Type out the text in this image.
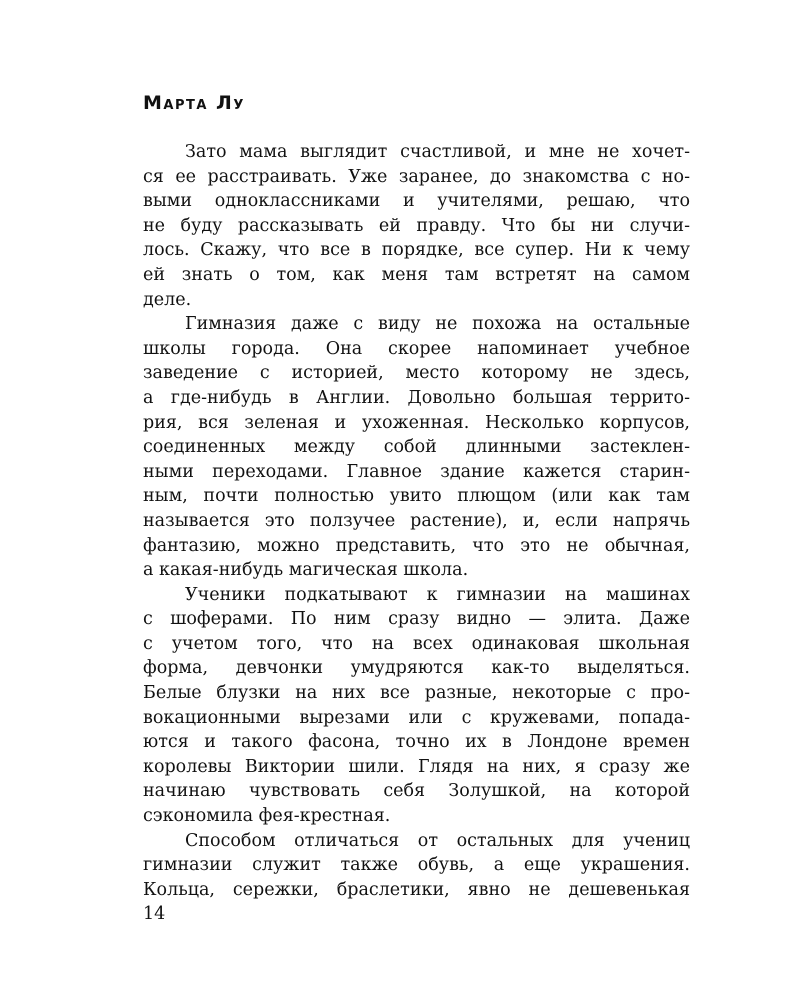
Марта Лу
Зато мама выглядит счастливой, и мне не хочет-
ся ее расстраивать. Уже заранее, до знакомства с но-
выми одноклассниками и учителями, решаю, что
не буду рассказывать ей правду. Что бы ни случи-
лось. Скажу, что все в порядке, все супер. Ни к чему
ей знать о том, как меня там встретят на самом
деле.
Гимназия даже с виду не похожа на остальные
школы города. Она скорее напоминает учебное
заведение с историей, место которому не здесь,
а где-нибудь в Англии. Довольно большая террито-
рия, вся зеленая и ухоженная. Несколько корпусов,
соединенных между собой длинными застеклен-
ными переходами. Главное здание кажется старин-
ным, почти полностью увито плющом (или как там
называется это ползучее растение), и, если напрячь
фантазию, можно представить, что это не обычная,
а какая-нибудь магическая школа.
Ученики подкатывают к гимназии на машинах
с шоферами. По ним сразу видно — элита. Даже
с учетом того, что на всех одинаковая школьная
форма, девчонки умудряются как-то выделяться.
Белые блузки на них все разные, некоторые с про-
вокационными вырезами или с кружевами, попада-
ются и такого фасона, точно их в Лондоне времен
королевы Виктории шили. Глядя на них, я сразу же
начинаю чувствовать себя Золушкой, на которой
сэкономила фея-крестная.
Способом отличаться от остальных для учениц
гимназии служит также обувь, а еще украшения.
Кольца, сережки, браслетики, явно не дешевенькая
14
